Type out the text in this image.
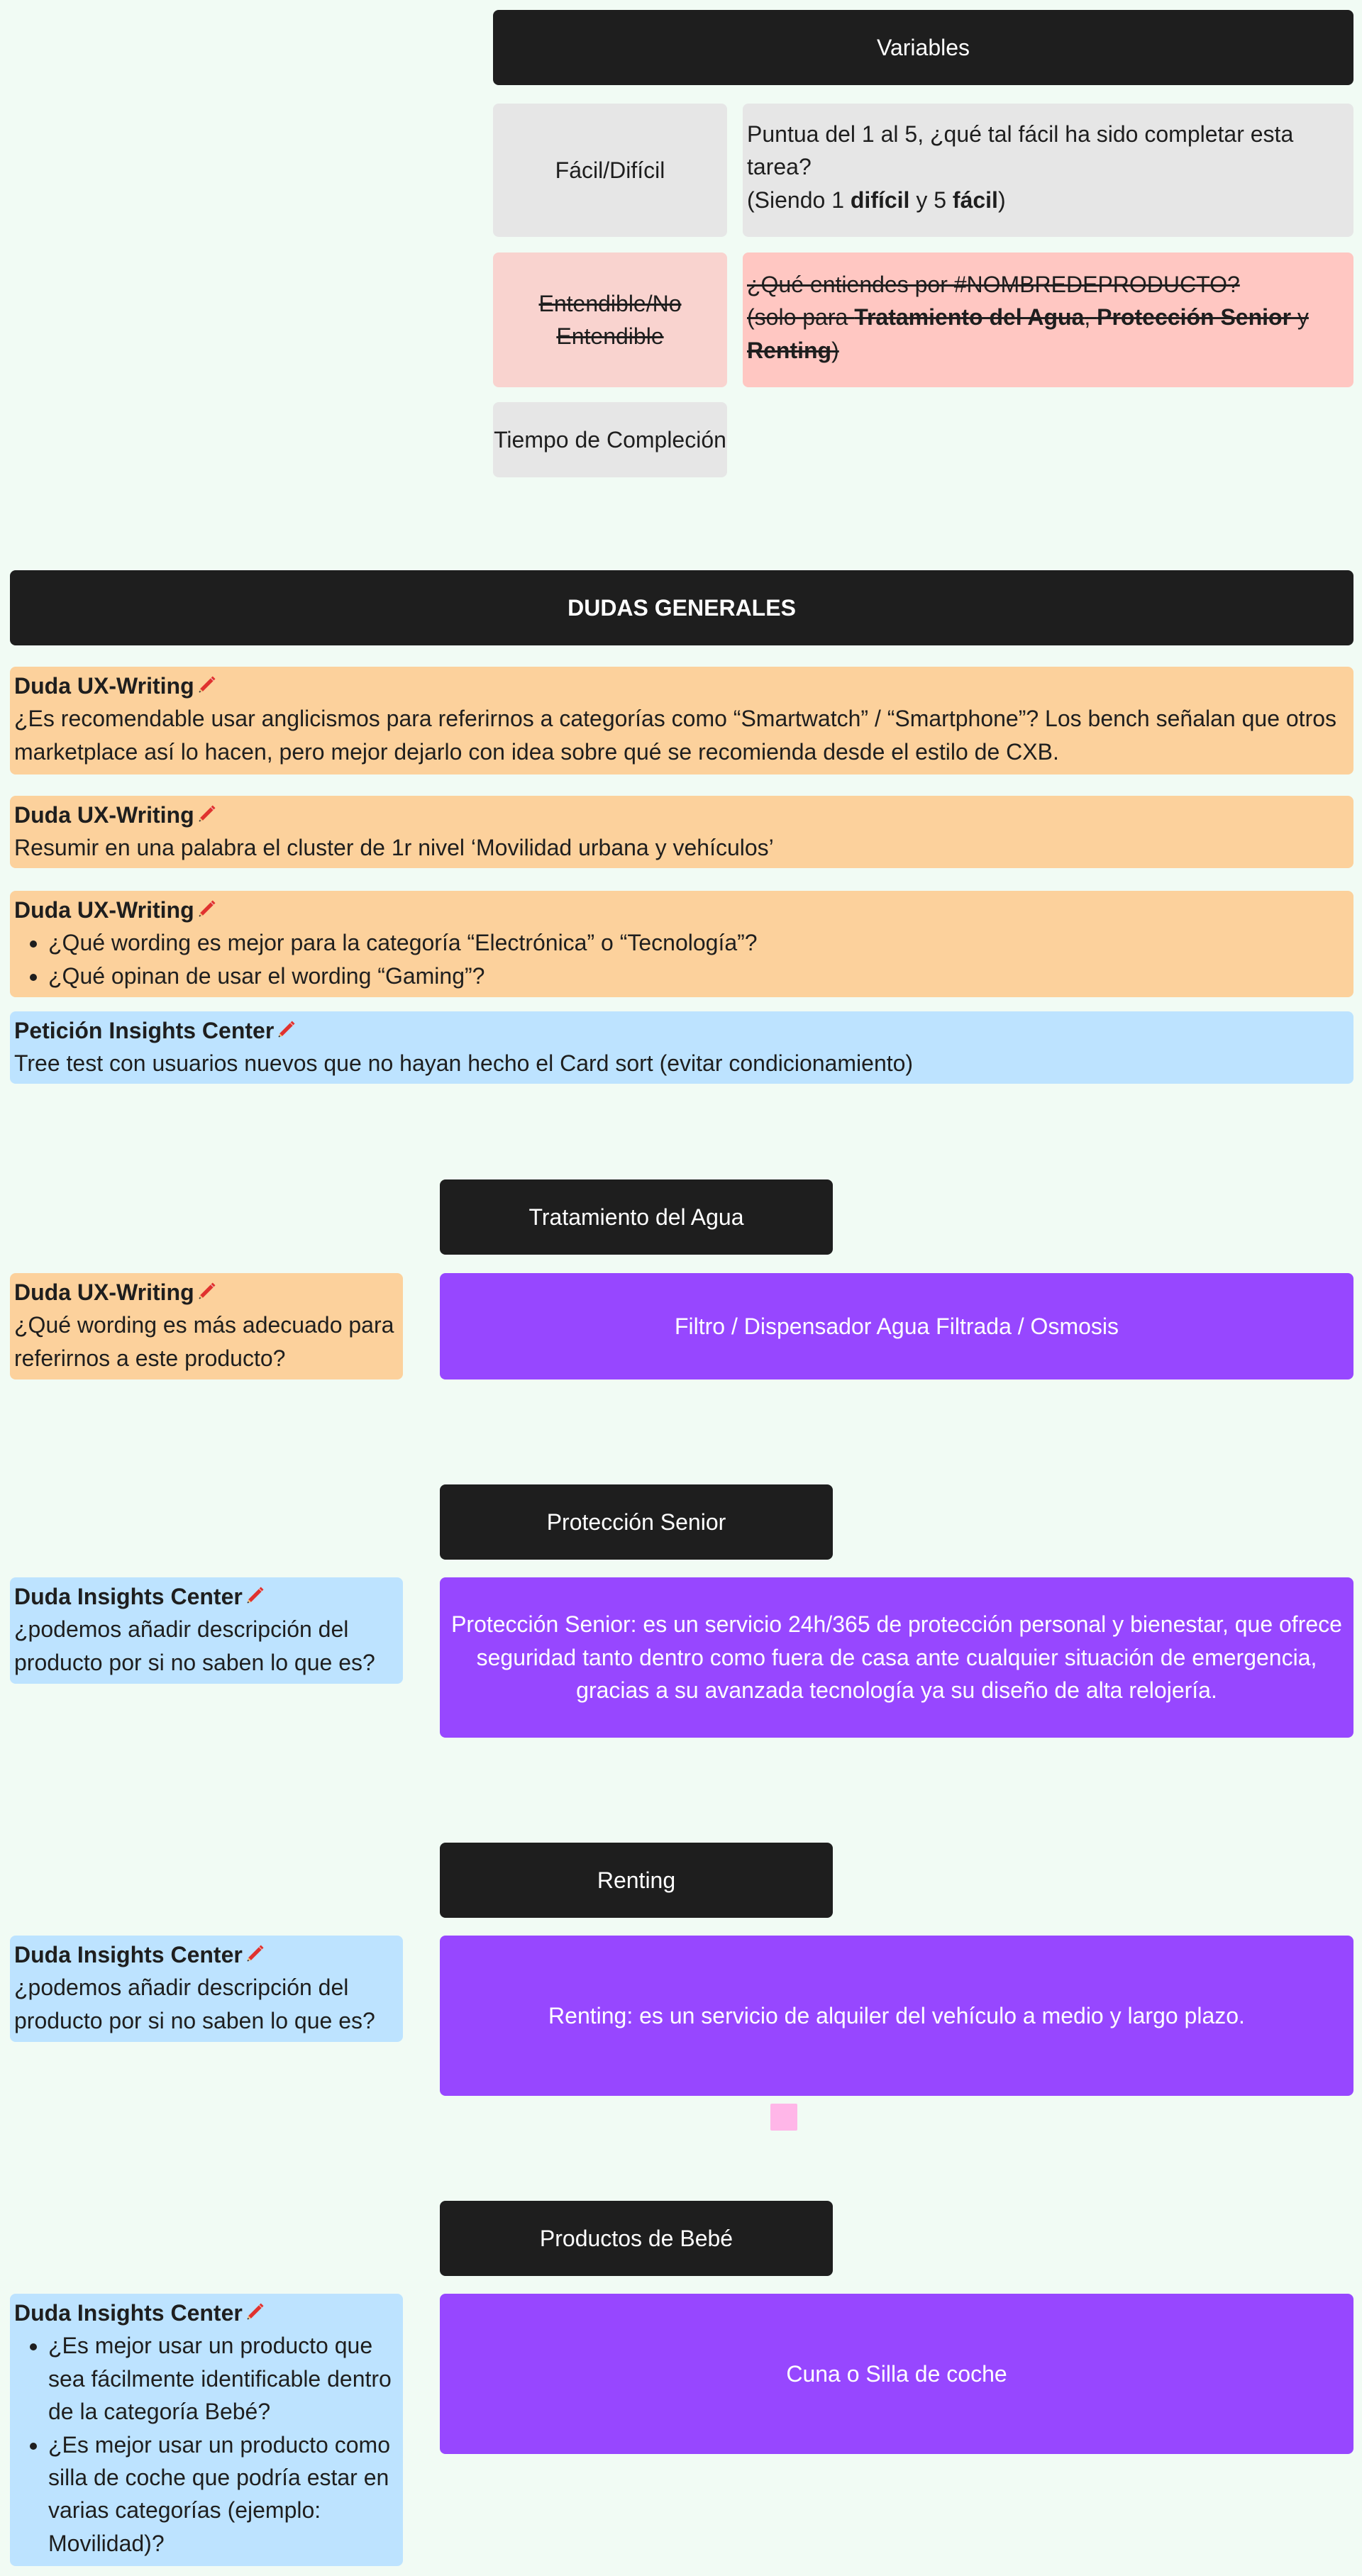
Variables
Fácil/Difícil
Puntua del 1 al 5, ¿qué tal fácil ha sido completar esta tarea?
(Siendo 1 difícil y 5 fácil)
Entendible/No Entendible
¿Qué entiendes por #NOMBREDEPRODUCTO?
(solo para Tratamiento del Agua, Protección Senior y Renting)
Tiempo de Compleción
DUDAS GENERALES
Duda UX-Writing
¿Es recomendable usar anglicismos para referirnos a categorías como “Smartwatch” / “Smartphone”? Los bench señalan que otros marketplace así lo hacen, pero mejor dejarlo con idea sobre qué se recomienda desde el estilo de CXB.
Duda UX-Writing
Resumir en una palabra el cluster de 1r nivel ‘Movilidad urbana y vehículos’
Duda UX-Writing
• ¿Qué wording es mejor para la categoría “Electrónica” o “Tecnología”?
• ¿Qué opinan de usar el wording “Gaming”?
Petición Insights Center
Tree test con usuarios nuevos que no hayan hecho el Card sort (evitar condicionamiento)
Tratamiento del Agua
Duda UX-Writing
¿Qué wording es más adecuado para referirnos a este producto?
Filtro / Dispensador Agua Filtrada / Osmosis
Protección Senior
Duda Insights Center
¿podemos añadir descripción del producto por si no saben lo que es?
Protección Senior: es un servicio 24h/365 de protección personal y bienestar, que ofrece seguridad tanto dentro como fuera de casa ante cualquier situación de emergencia, gracias a su avanzada tecnología ya su diseño de alta relojería.
Renting
Duda Insights Center
¿podemos añadir descripción del producto por si no saben lo que es?	Renting: es un servicio de alquiler del vehículo a medio y largo plazo.
Productos de Bebé
Duda Insights Center
• ¿Es mejor usar un producto que sea fácilmente identificable dentro de la categoría Bebé?
• ¿Es mejor usar un producto como silla de coche que podría estar en varias categorías (ejemplo: Movilidad)?
Cuna o Silla de coche
